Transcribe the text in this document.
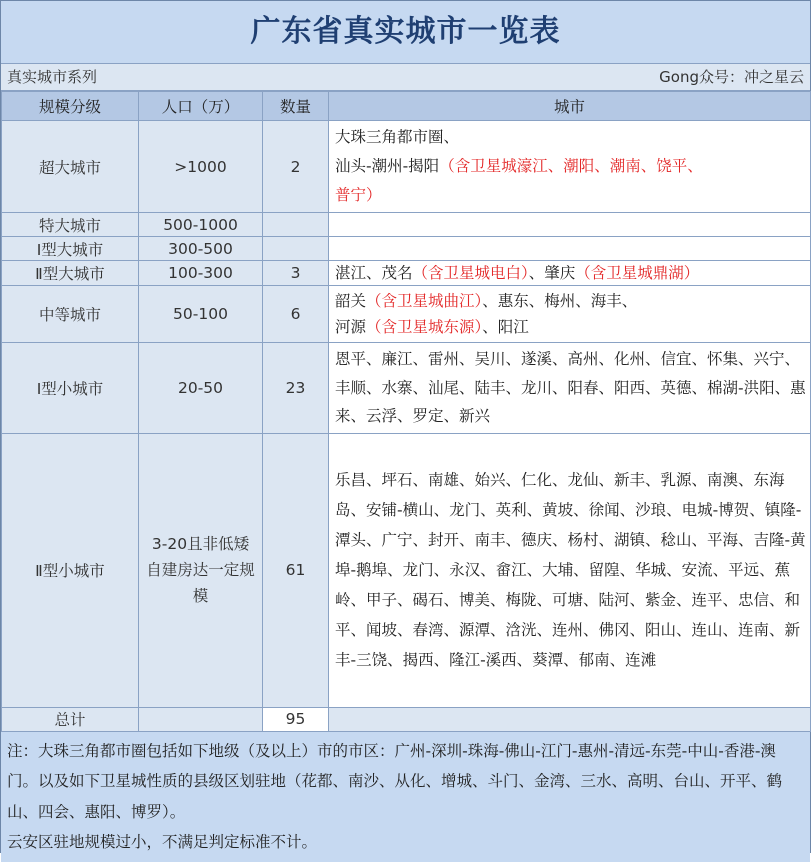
广东省真实城市一览表
真实城市系列	Gong众号：冲之星云
规模分级	人口（万）	数量	城市
超大城市	>1000	2	大珠三角都市圈、
汕头-潮州-揭阳（含卫星城濠江、潮阳、潮南、饶平、
普宁）
特大城市	500-1000		
Ⅰ型大城市	300-500		
Ⅱ型大城市	100-300	3	湛江、茂名（含卫星城电白）、肇庆（含卫星城鼎湖）
中等城市	50-100	6	韶关（含卫星城曲江）、惠东、梅州、海丰、
河源（含卫星城东源）、阳江
Ⅰ型小城市	20-50	23	恩平、廉江、雷州、吴川、遂溪、高州、化州、信宜、怀集、兴宁、丰顺、水寨、汕尾、陆丰、龙川、阳春、阳西、英德、棉湖-洪阳、惠来、云浮、罗定、新兴
Ⅱ型小城市	3-20且非低矮自建房达一定规模	61	乐昌、坪石、南雄、始兴、仁化、龙仙、新丰、乳源、南澳、东海岛、安铺-横山、龙门、英利、黄坡、徐闻、沙琅、电城-博贺、镇隆-潭头、广宁、封开、南丰、德庆、杨村、湖镇、稔山、平海、吉隆-黄埠-鹅埠、龙门、永汉、畲江、大埔、留隍、华城、安流、平远、蕉岭、甲子、碣石、博美、梅陇、可塘、陆河、紫金、连平、忠信、和平、闻坡、春湾、源潭、浛洸、连州、佛冈、阳山、连山、连南、新丰-三饶、揭西、隆江-溪西、葵潭、郁南、连滩
总计		95	
注：大珠三角都市圈包括如下地级（及以上）市的市区：广州-深圳-珠海-佛山-江门-惠州-清远-东莞-中山-香港-澳门。以及如下卫星城性质的县级区划驻地（花都、南沙、从化、增城、斗门、金湾、三水、高明、台山、开平、鹤山、四会、惠阳、博罗）。
云安区驻地规模过小，不满足判定标准不计。
